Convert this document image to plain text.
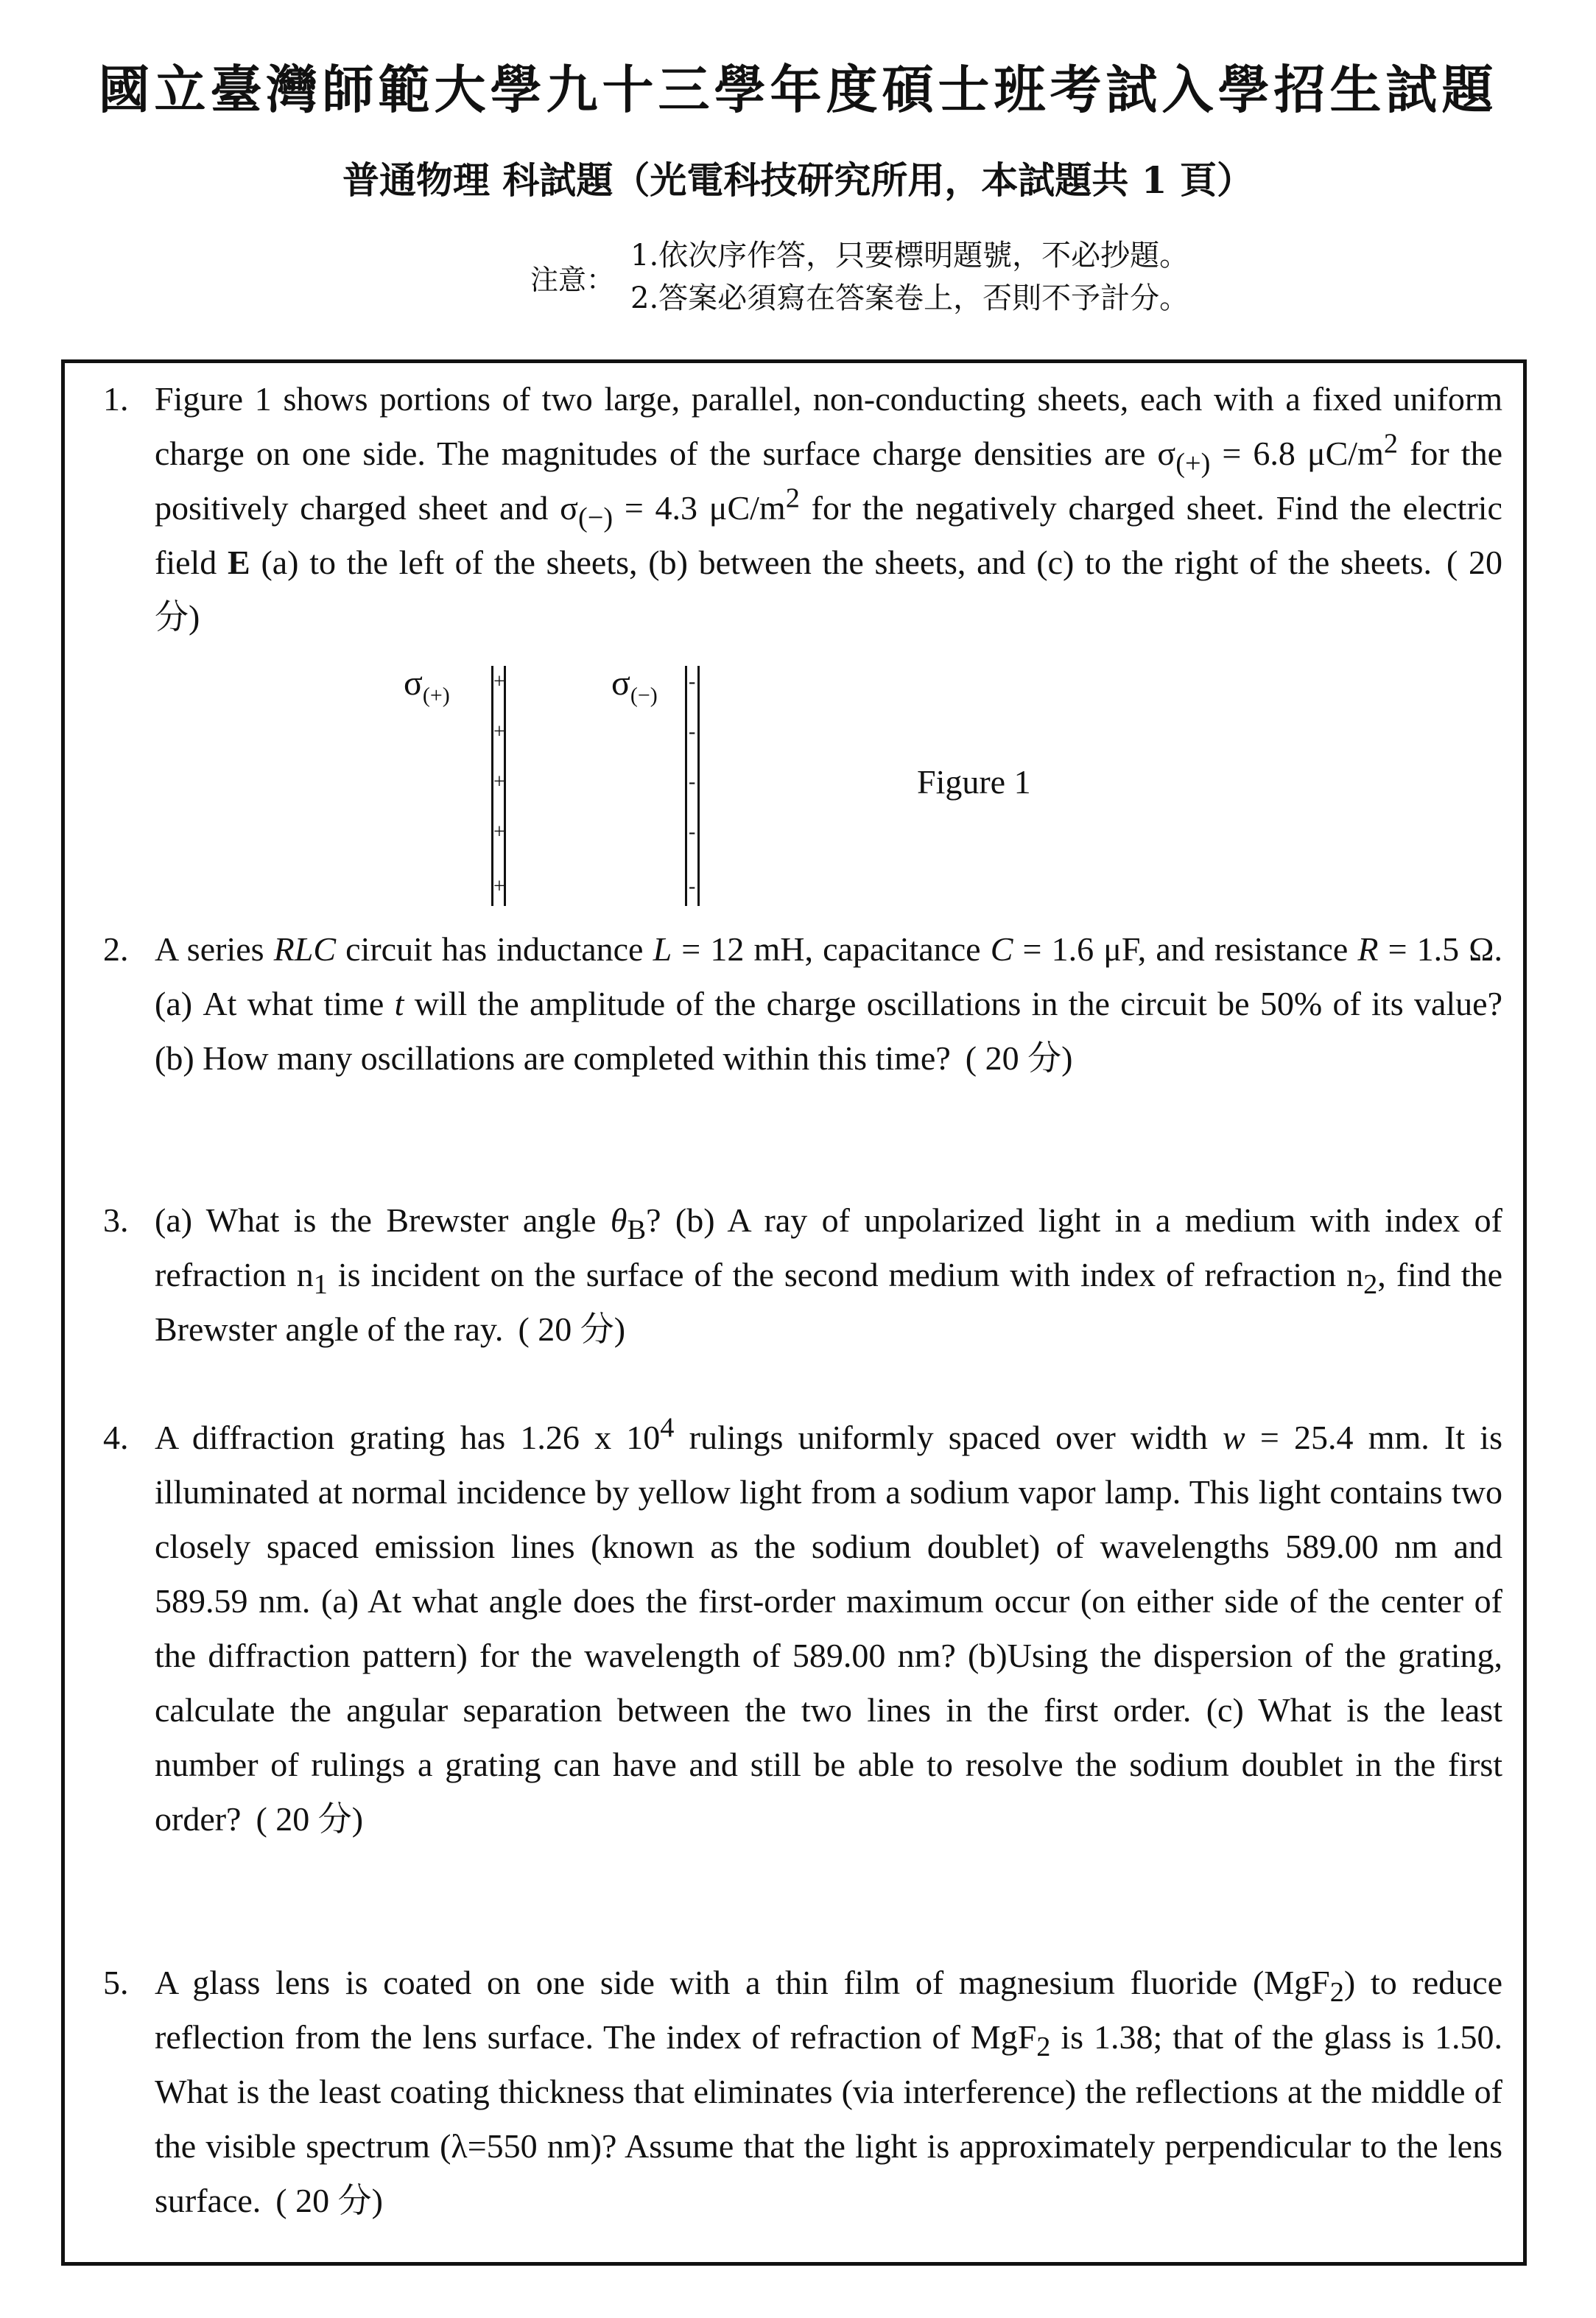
國立臺灣師範大學九十三學年度碩士班考試入學招生試題
普通物理 科試題（光電科技研究所用，本試題共 1 頁）
注意：
1.依次序作答，只要標明題號，不必抄題。
2.答案必須寫在答案卷上，否則不予計分。
1. Figure 1 shows portions of two large, parallel, non-conducting sheets, each with a fixed uniform charge on one side. The magnitudes of the surface charge densities are $\sigma_{(+)} = 6.8$ $\mu C/m^2$ for the positively charged sheet and $\sigma_{(-)} = 4.3$ $\mu C/m^2$ for the negatively charged sheet. Find the electric field E (a) to the left of the sheets, (b) between the sheets, and (c) to the right of the sheets. ( 20 分)
$\sigma_{(+)}$
+
+
+
+
+
$\sigma_{(-)}$
-
-
-
-
-
Figure 1
2. A series RLC circuit has inductance L = 12 mH, capacitance C = 1.6 μF, and resistance R = 1.5 Ω. (a) At what time t will the amplitude of the charge oscillations in the circuit be 50% of its value? (b) How many oscillations are completed within this time? ( 20 分)
3. (a) What is the Brewster angle $\theta_B$? (b) A ray of unpolarized light in a medium with index of refraction $n_1$ is incident on the surface of the second medium with index of refraction $n_2$, find the Brewster angle of the ray. ( 20 分)
4. A diffraction grating has 1.26 x $10^4$ rulings uniformly spaced over width w = 25.4 mm. It is illuminated at normal incidence by yellow light from a sodium vapor lamp. This light contains two closely spaced emission lines (known as the sodium doublet) of wavelengths 589.00 nm and 589.59 nm. (a) At what angle does the first-order maximum occur (on either side of the center of the diffraction pattern) for the wavelength of 589.00 nm? (b)Using the dispersion of the grating, calculate the angular separation between the two lines in the first order. (c) What is the least number of rulings a grating can have and still be able to resolve the sodium doublet in the first order? ( 20 分)
5. A glass lens is coated on one side with a thin film of magnesium fluoride (MgF$_2$) to reduce reflection from the lens surface. The index of refraction of MgF$_2$ is 1.38; that of the glass is 1.50. What is the least coating thickness that eliminates (via interference) the reflections at the middle of the visible spectrum (λ=550 nm)? Assume that the light is approximately perpendicular to the lens surface. ( 20 分)
